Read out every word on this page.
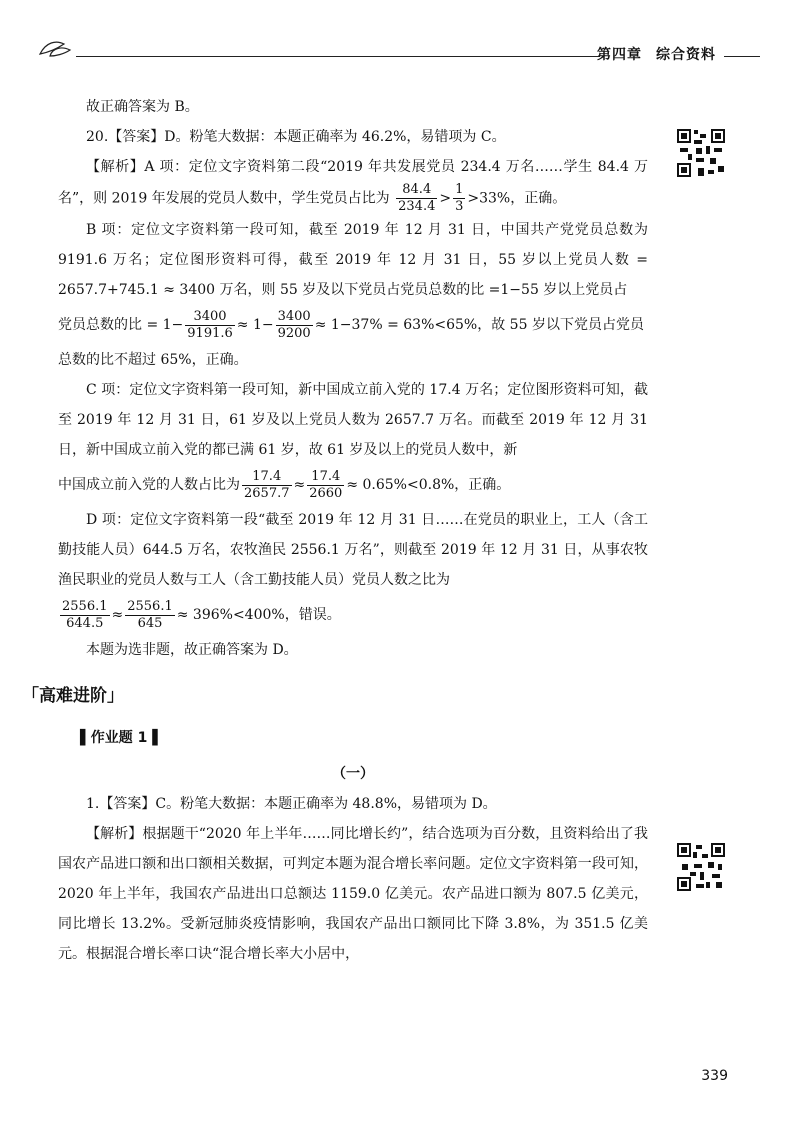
第四章 综合资料

故正确答案为 B。

20.【答案】D。粉笔大数据：本题正确率为 46.2%，易错项为 C。

【解析】A 项：定位文字资料第二段“2019 年共发展党员 234.4 万名……学生 84.4 万名”，则 2019 年发展的党员人数中，学生党员占比为 $\frac{84.4}{234.4} > \frac{1}{3} >33\%$，正确。

B 项：定位文字资料第一段可知，截至 2019 年 12 月 31 日，中国共产党党员总数为 9191.6 万名；定位图形资料可得，截至 2019 年 12 月 31 日，55 岁以上党员人数 = 2657.7+745.1 ≈ 3400 万名，则 55 岁及以下党员占党员总数的比 =1−55 岁以上党员占

党员总数的比 = $1- \frac{3400}{9191.6} \approx 1- \frac{3400}{9200} \approx 1-37\% = 63\%<65\%$，故 55 岁以下党员占党员

总数的比不超过 65%，正确。

C 项：定位文字资料第一段可知，新中国成立前入党的 17.4 万名；定位图形资料可知，截至 2019 年 12 月 31 日，61 岁及以上党员人数为 2657.7 万名。而截至 2019 年 12 月 31 日，新中国成立前入党的都已满 61 岁，故 61 岁及以上的党员人数中，新

中国成立前入党的人数占比为 $\frac{17.4}{2657.7} \approx \frac{17.4}{2660} \approx 0.65\%<0.8\%$，正确。

D 项：定位文字资料第一段“截至 2019 年 12 月 31 日……在党员的职业上，工人（含工勤技能人员）644.5 万名，农牧渔民 2556.1 万名”，则截至 2019 年 12 月 31 日，从事农牧渔民职业的党员人数与工人（含工勤技能人员）党员人数之比为

$\frac{2556.1}{644.5} \approx \frac{2556.1}{645} \approx 396\%<400\%$，错误。

本题为选非题，故正确答案为 D。

「高难进阶」

▌作业题 1 ▌

（一）

1.【答案】C。粉笔大数据：本题正确率为 48.8%，易错项为 D。

【解析】根据题干“2020 年上半年……同比增长约”，结合选项为百分数，且资料给出了我国农产品进口额和出口额相关数据，可判定本题为混合增长率问题。定位文字资料第一段可知，2020 年上半年，我国农产品进出口总额达 1159.0 亿美元。农产品进口额为 807.5 亿美元，同比增长 13.2%。受新冠肺炎疫情影响，我国农产品出口额同比下降 3.8%，为 351.5 亿美元。根据混合增长率口诀“混合增长率大小居中，

339
